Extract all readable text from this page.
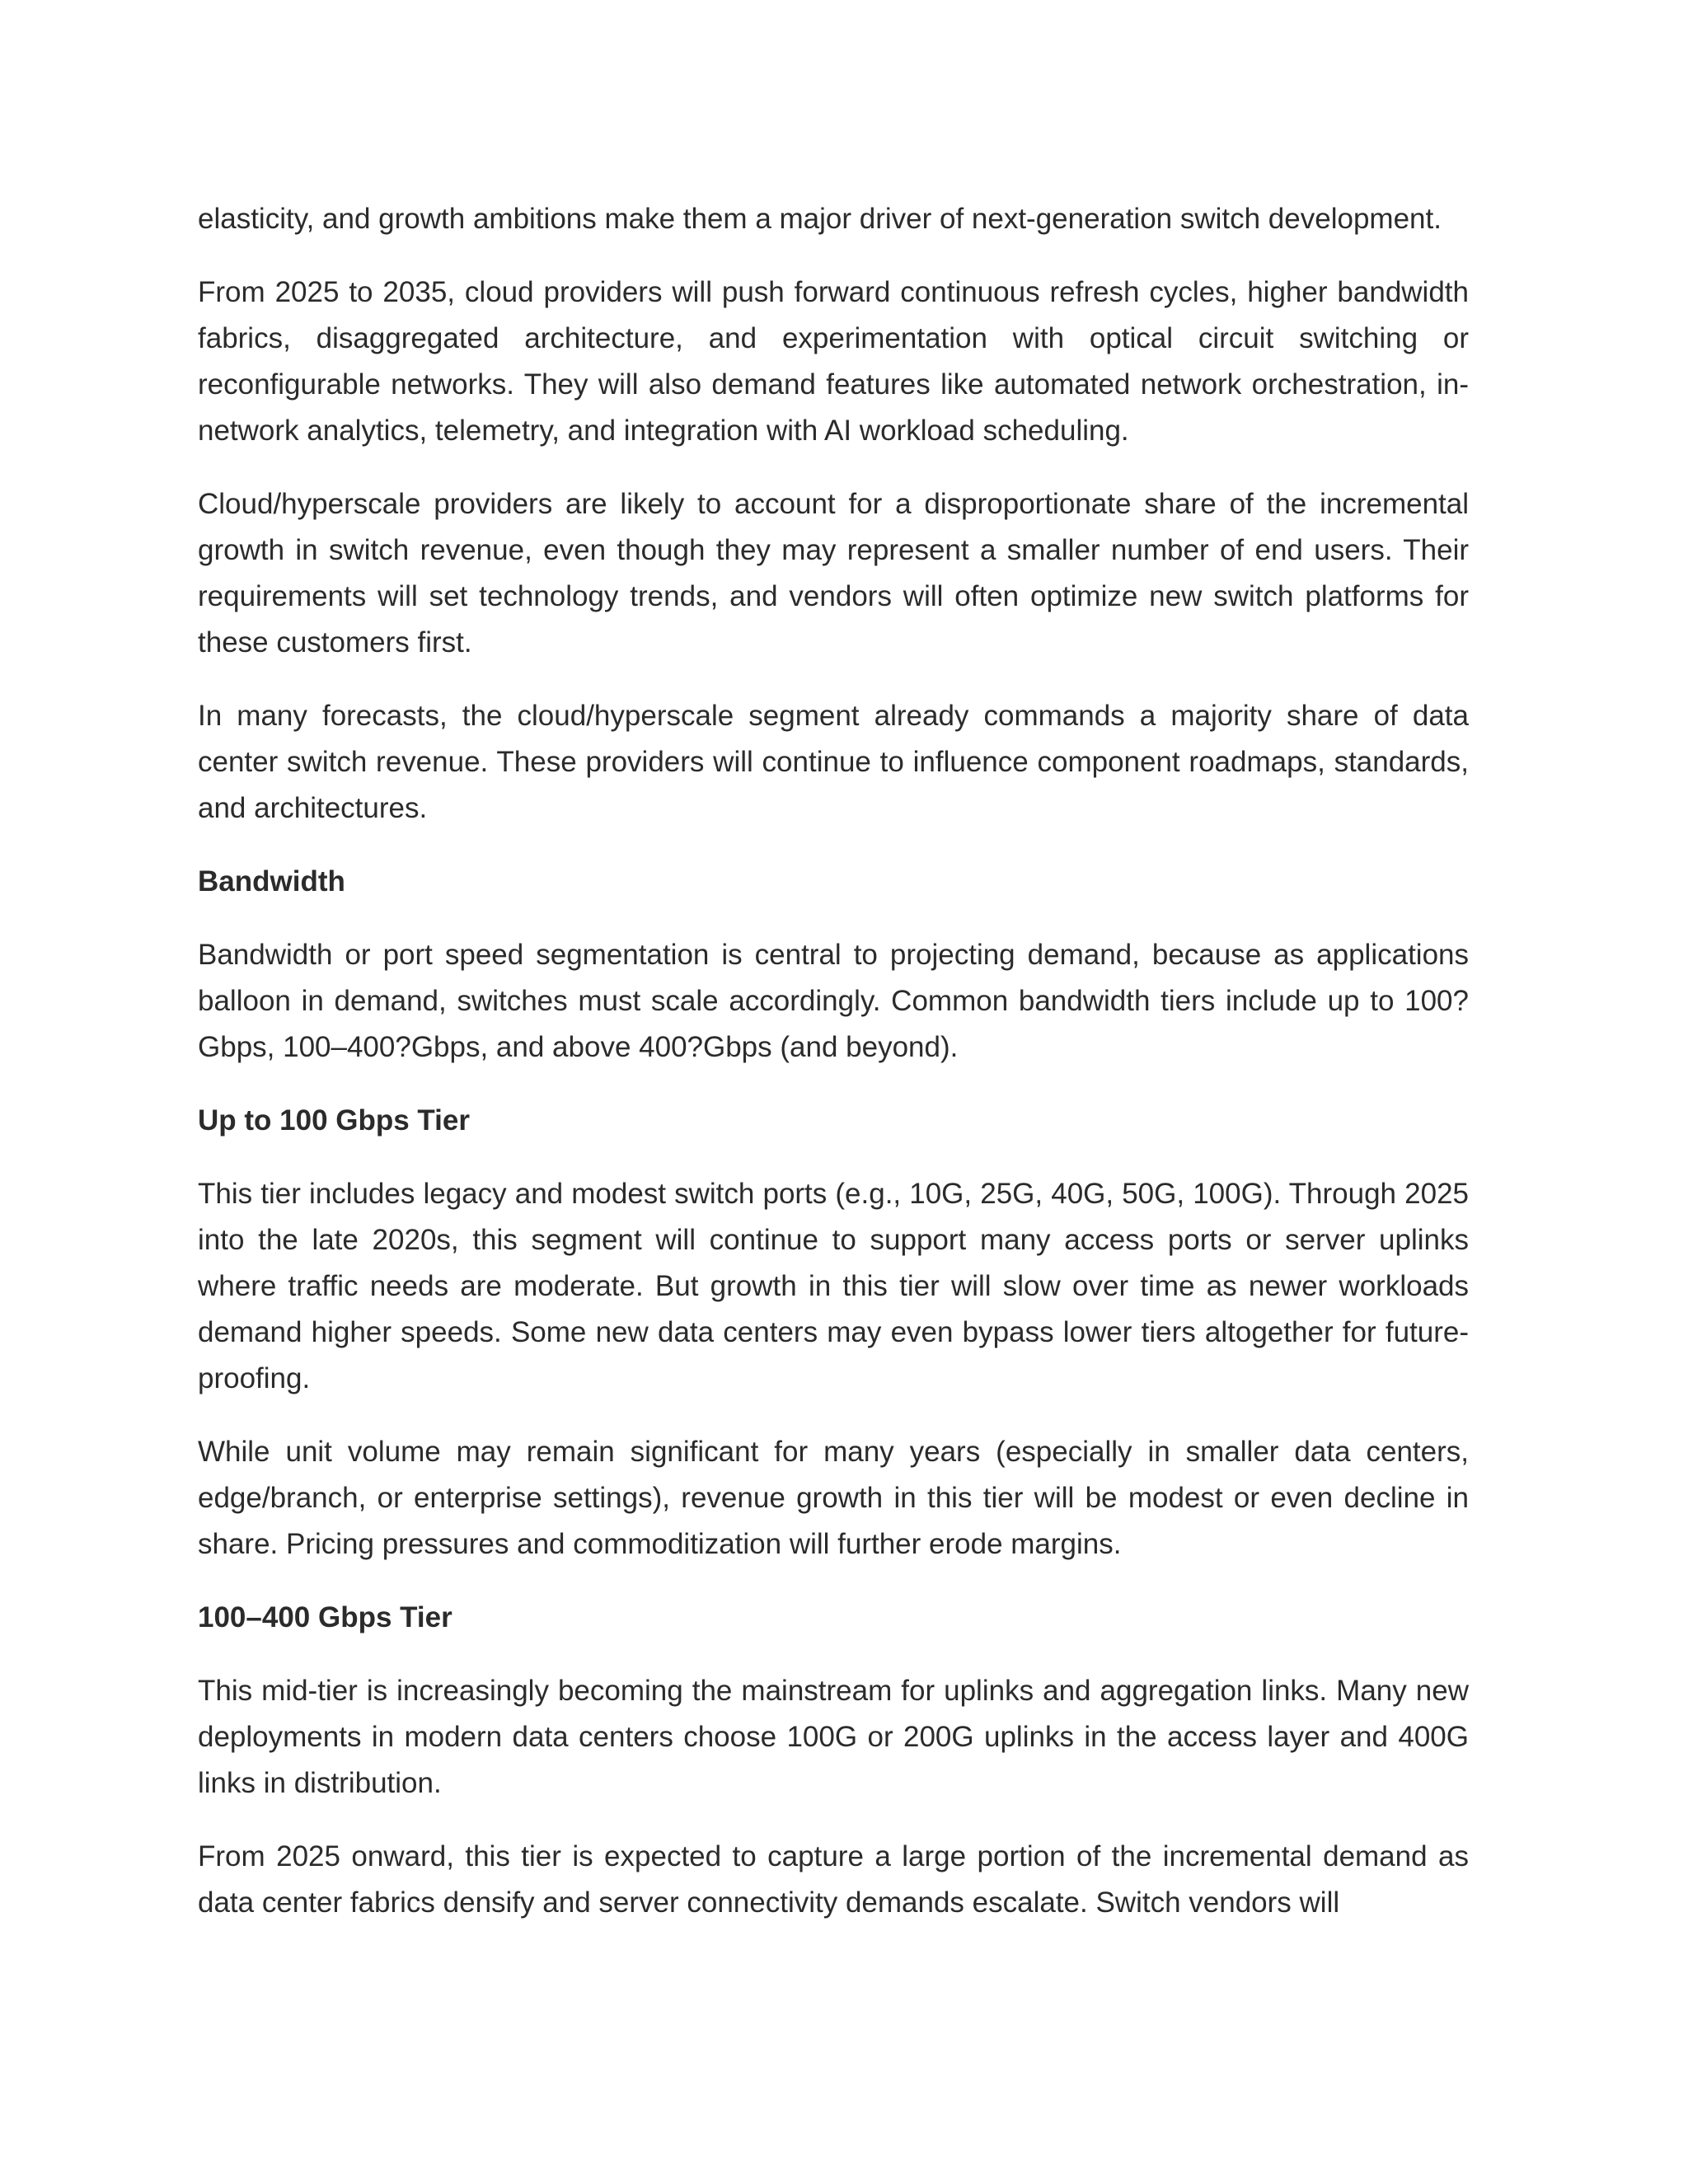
elasticity, and growth ambitions make them a major driver of next-generation switch development.

From 2025 to 2035, cloud providers will push forward continuous refresh cycles, higher bandwidth fabrics, disaggregated architecture, and experimentation with optical circuit switching or reconfigurable networks. They will also demand features like automated network orchestration, in-network analytics, telemetry, and integration with AI workload scheduling.

Cloud/hyperscale providers are likely to account for a disproportionate share of the incremental growth in switch revenue, even though they may represent a smaller number of end users. Their requirements will set technology trends, and vendors will often optimize new switch platforms for these customers first.

In many forecasts, the cloud/hyperscale segment already commands a majority share of data center switch revenue. These providers will continue to influence component roadmaps, standards, and architectures.

Bandwidth

Bandwidth or port speed segmentation is central to projecting demand, because as applications balloon in demand, switches must scale accordingly. Common bandwidth tiers include up to 100?Gbps, 100–400?Gbps, and above 400?Gbps (and beyond).

Up to 100 Gbps Tier

This tier includes legacy and modest switch ports (e.g., 10G, 25G, 40G, 50G, 100G). Through 2025 into the late 2020s, this segment will continue to support many access ports or server uplinks where traffic needs are moderate. But growth in this tier will slow over time as newer workloads demand higher speeds. Some new data centers may even bypass lower tiers altogether for future-proofing.

While unit volume may remain significant for many years (especially in smaller data centers, edge/branch, or enterprise settings), revenue growth in this tier will be modest or even decline in share. Pricing pressures and commoditization will further erode margins.

100–400 Gbps Tier

This mid-tier is increasingly becoming the mainstream for uplinks and aggregation links. Many new deployments in modern data centers choose 100G or 200G uplinks in the access layer and 400G links in distribution.

From 2025 onward, this tier is expected to capture a large portion of the incremental demand as data center fabrics densify and server connectivity demands escalate. Switch vendors will
